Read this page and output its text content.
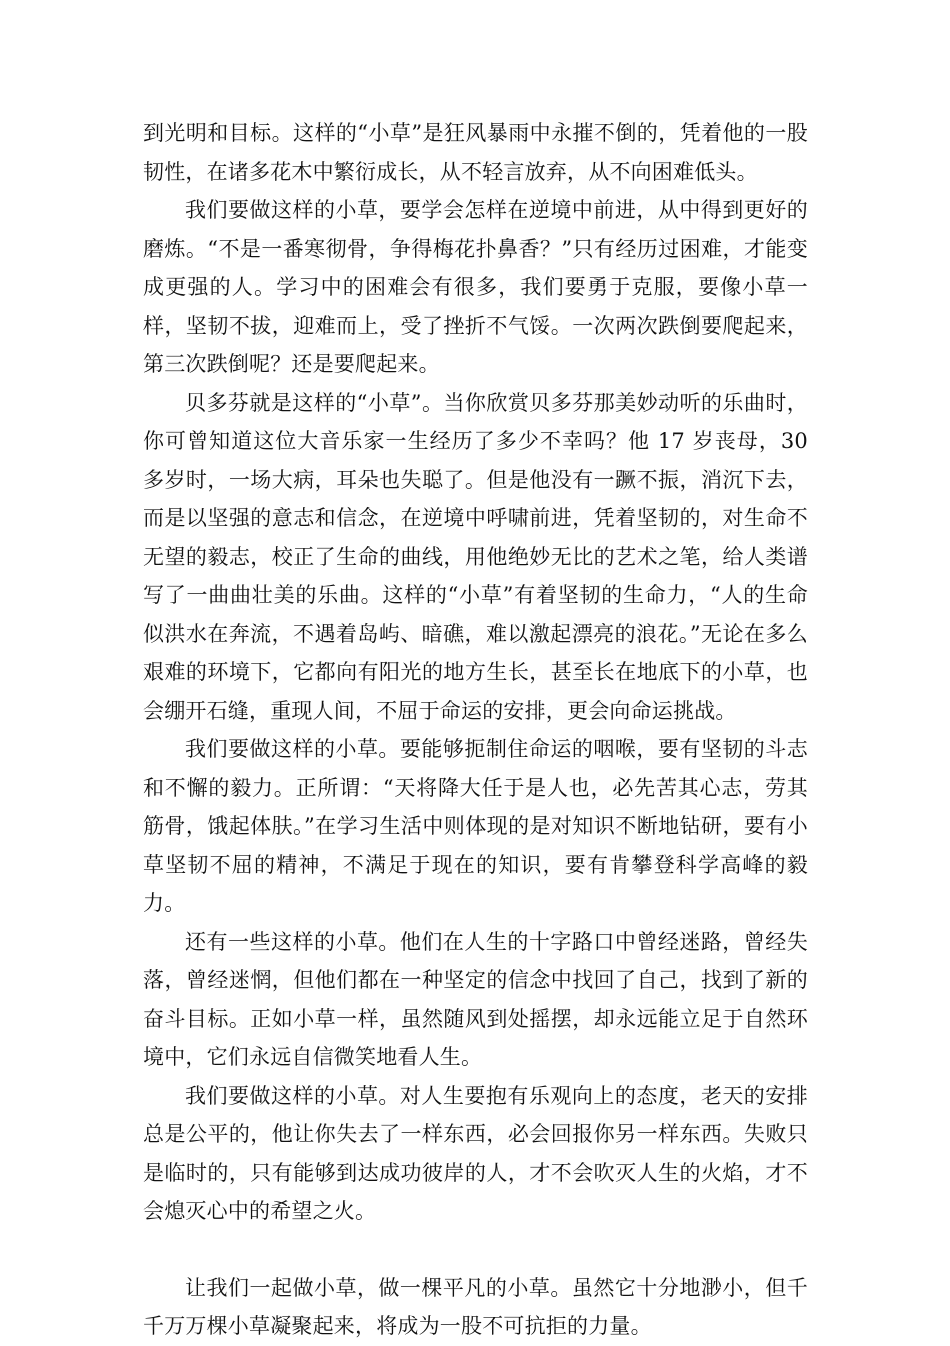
到光明和目标。这样的“小草”是狂风暴雨中永摧不倒的，凭着他的一股韧性，在诸多花木中繁衍成长，从不轻言放弃，从不向困难低头。

我们要做这样的小草，要学会怎样在逆境中前进，从中得到更好的磨炼。“不是一番寒彻骨，争得梅花扑鼻香？”只有经历过困难，才能变成更强的人。学习中的困难会有很多，我们要勇于克服，要像小草一样，坚韧不拔，迎难而上，受了挫折不气馁。一次两次跌倒要爬起来，第三次跌倒呢？还是要爬起来。

贝多芬就是这样的“小草”。当你欣赏贝多芬那美妙动听的乐曲时，你可曾知道这位大音乐家一生经历了多少不幸吗？他 17 岁丧母，30 多岁时，一场大病，耳朵也失聪了。但是他没有一蹶不振，消沉下去，而是以坚强的意志和信念，在逆境中呼啸前进，凭着坚韧的，对生命不无望的毅志，校正了生命的曲线，用他绝妙无比的艺术之笔，给人类谱写了一曲曲壮美的乐曲。这样的“小草”有着坚韧的生命力，“人的生命似洪水在奔流，不遇着岛屿、暗礁，难以激起漂亮的浪花。”无论在多么艰难的环境下，它都向有阳光的地方生长，甚至长在地底下的小草，也会绷开石缝，重现人间，不屈于命运的安排，更会向命运挑战。

我们要做这样的小草。要能够扼制住命运的咽喉，要有坚韧的斗志和不懈的毅力。正所谓：“天将降大任于是人也，必先苦其心志，劳其筋骨，饿起体肤。”在学习生活中则体现的是对知识不断地钻研，要有小草坚韧不屈的精神，不满足于现在的知识，要有肯攀登科学高峰的毅力。

还有一些这样的小草。他们在人生的十字路口中曾经迷路，曾经失落，曾经迷惘，但他们都在一种坚定的信念中找回了自己，找到了新的奋斗目标。正如小草一样，虽然随风到处摇摆，却永远能立足于自然环境中，它们永远自信微笑地看人生。

我们要做这样的小草。对人生要抱有乐观向上的态度，老天的安排总是公平的，他让你失去了一样东西，必会回报你另一样东西。失败只是临时的，只有能够到达成功彼岸的人，才不会吹灭人生的火焰，才不会熄灭心中的希望之火。

让我们一起做小草，做一棵平凡的小草。虽然它十分地渺小，但千千万万棵小草凝聚起来，将成为一股不可抗拒的力量。
